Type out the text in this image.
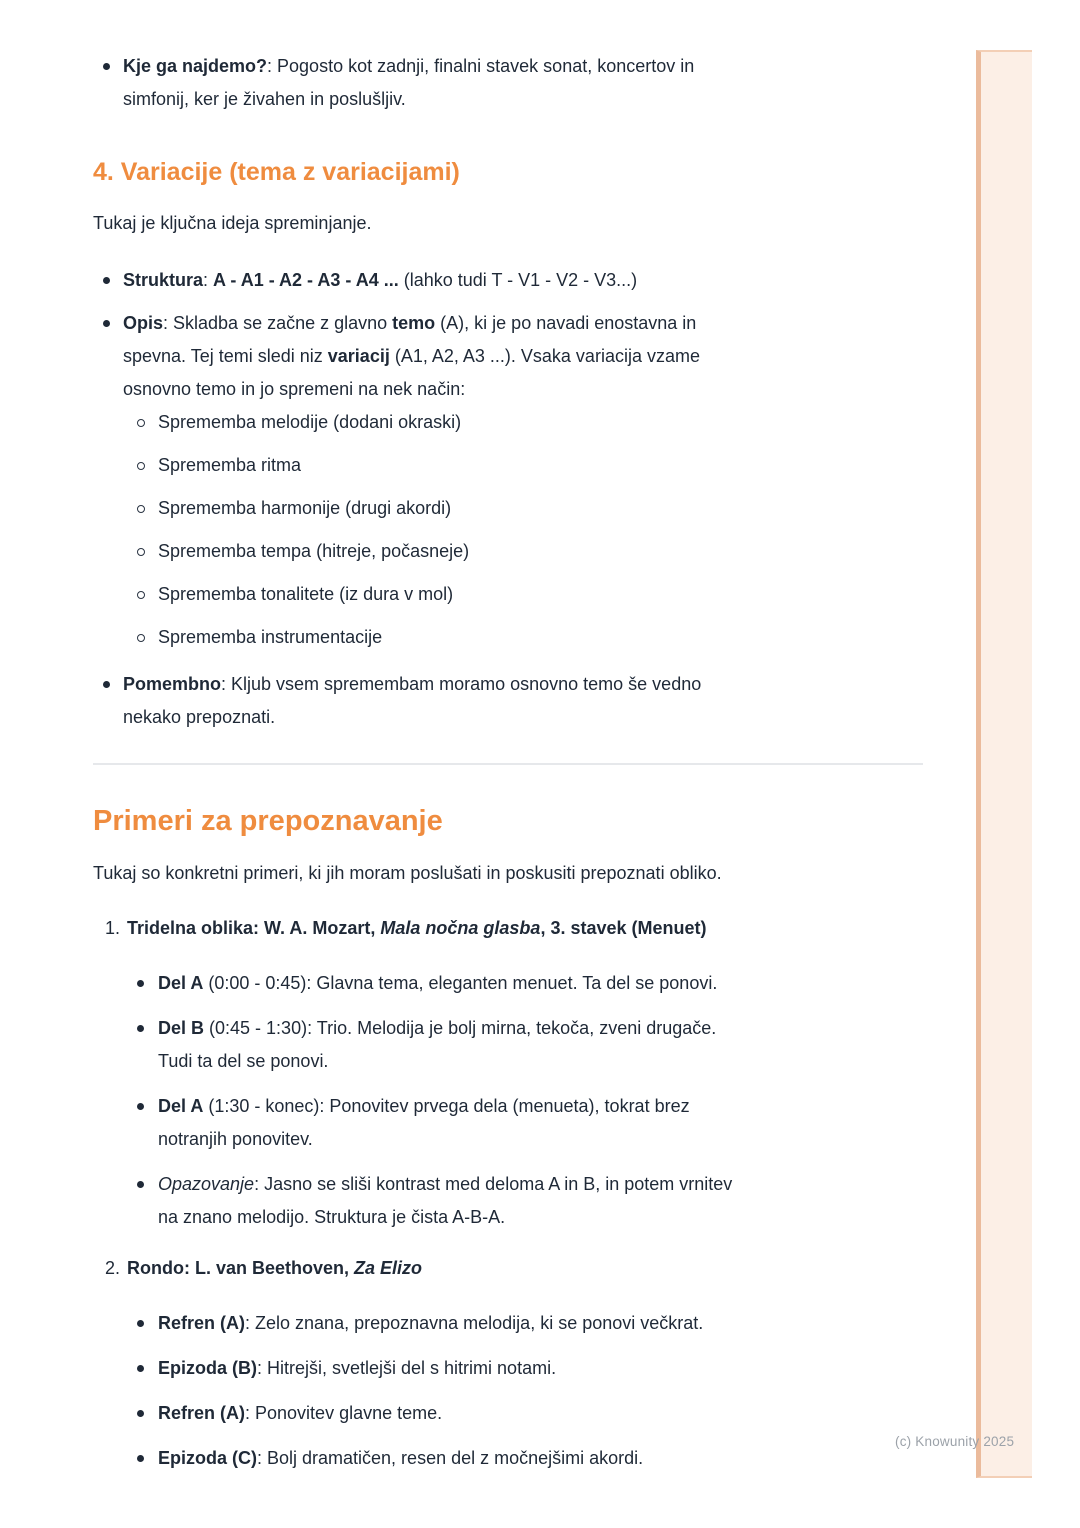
(c) Knowunity 2025
Kje ga najdemo?: Pogosto kot zadnji, finalni stavek sonat, koncertov in
simfonij, ker je živahen in poslušljiv.
4. Variacije (tema z variacijami)

Tukaj je ključna ideja spreminjanje.

Struktura: A - A1 - A2 - A3 - A4 ... (lahko tudi T - V1 - V2 - V3...)
Opis: Skladba se začne z glavno temo (A), ki je po navadi enostavna in
spevna. Tej temi sledi niz variacij (A1, A2, A3 ...). Vsaka variacija vzame
osnovno temo in jo spremeni na nek način:
Sprememba melodije (dodani okraski)
Sprememba ritma
Sprememba harmonije (drugi akordi)
Sprememba tempa (hitreje, počasneje)
Sprememba tonalitete (iz dura v mol)
Sprememba instrumentacije
Pomembno: Kljub vsem spremembam moramo osnovno temo še vedno
nekako prepoznati.
Primeri za prepoznavanje

Tukaj so konkretni primeri, ki jih moram poslušati in poskusiti prepoznati obliko.

1. Tridelna oblika: W. A. Mozart, Mala nočna glasba, 3. stavek (Menuet)
Del A (0:00 - 0:45): Glavna tema, eleganten menuet. Ta del se ponovi.
Del B (0:45 - 1:30): Trio. Melodija je bolj mirna, tekoča, zveni drugače.
Tudi ta del se ponovi.
Del A (1:30 - konec): Ponovitev prvega dela (menueta), tokrat brez
notranjih ponovitev.
Opazovanje: Jasno se sliši kontrast med deloma A in B, in potem vrnitev
na znano melodijo. Struktura je čista A-B-A.
2. Rondo: L. van Beethoven, Za Elizo
Refren (A): Zelo znana, prepoznavna melodija, ki se ponovi večkrat.
Epizoda (B): Hitrejši, svetlejši del s hitrimi notami.
Refren (A): Ponovitev glavne teme.
Epizoda (C): Bolj dramatičen, resen del z močnejšimi akordi.
